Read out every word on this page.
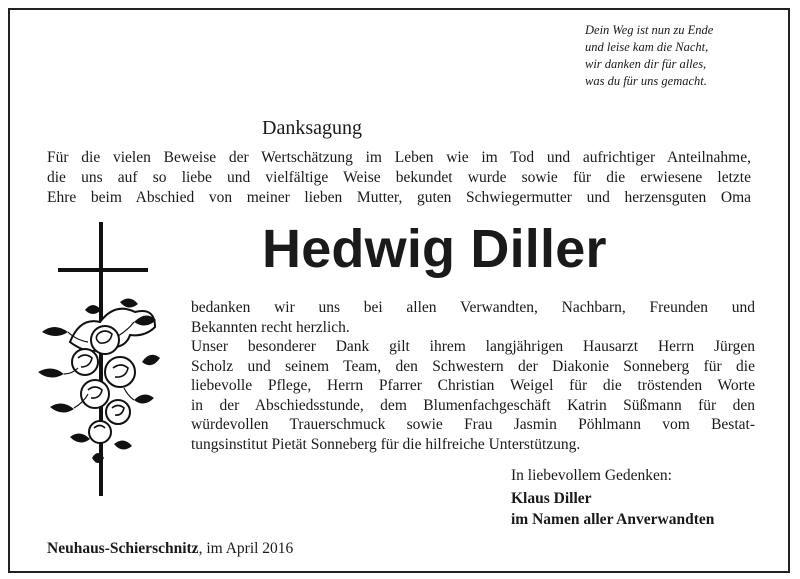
Dein Weg ist nun zu Ende
und leise kam die Nacht,
wir danken dir für alles,
was du für uns gemacht.
Danksagung
Für die vielen Beweise der Wertschätzung im Leben wie im Tod und aufrichtiger Anteilnahme,
die uns auf so liebe und vielfältige Weise bekundet wurde sowie für die erwiesene letzte
Ehre beim Abschied von meiner lieben Mutter, guten Schwiegermutter und herzensguten Oma
Hedwig Diller
bedanken wir uns bei allen Verwandten, Nachbarn, Freunden und
Bekannten recht herzlich.
Unser besonderer Dank gilt ihrem langjährigen Hausarzt Herrn Jürgen
Scholz und seinem Team, den Schwestern der Diakonie Sonneberg für die
liebevolle Pflege, Herrn Pfarrer Christian Weigel für die tröstenden Worte
in der Abschiedsstunde, dem Blumenfachgeschäft Katrin Süßmann für den
würdevollen Trauerschmuck sowie Frau Jasmin Pöhlmann vom Bestat-
tungsinstitut Pietät Sonneberg für die hilfreiche Unterstützung.
In liebevollem Gedenken:
Klaus Diller
im Namen aller Anverwandten
Neuhaus-Schierschnitz, im April 2016
